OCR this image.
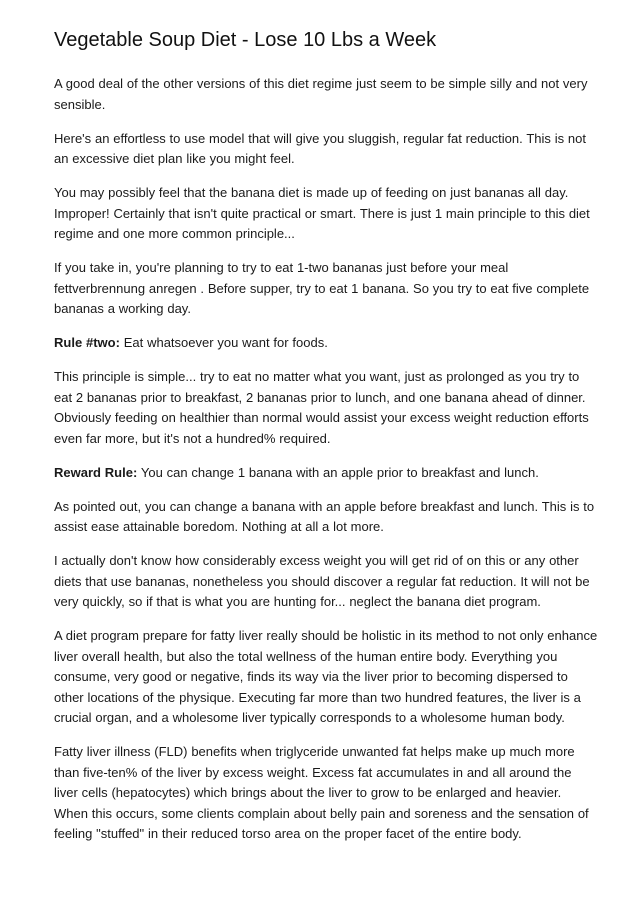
Vegetable Soup Diet - Lose 10 Lbs a Week

A good deal of the other versions of this diet regime just seem to be simple silly and not very sensible.

Here's an effortless to use model that will give you sluggish, regular fat reduction. This is not an excessive diet plan like you might feel.

You may possibly feel that the banana diet is made up of feeding on just bananas all day. Improper! Certainly that isn't quite practical or smart. There is just 1 main principle to this diet regime and one more common principle...

If you take in, you're planning to try to eat 1-two bananas just before your meal fettverbrennung anregen . Before supper, try to eat 1 banana. So you try to eat five complete bananas a working day.

Rule #two: Eat whatsoever you want for foods.

This principle is simple... try to eat no matter what you want, just as prolonged as you try to eat 2 bananas prior to breakfast, 2 bananas prior to lunch, and one banana ahead of dinner. Obviously feeding on healthier than normal would assist your excess weight reduction efforts even far more, but it's not a hundred% required.

Reward Rule: You can change 1 banana with an apple prior to breakfast and lunch.

As pointed out, you can change a banana with an apple before breakfast and lunch. This is to assist ease attainable boredom. Nothing at all a lot more.

I actually don't know how considerably excess weight you will get rid of on this or any other diets that use bananas, nonetheless you should discover a regular fat reduction. It will not be very quickly, so if that is what you are hunting for... neglect the banana diet program.

A diet program prepare for fatty liver really should be holistic in its method to not only enhance liver overall health, but also the total wellness of the human entire body. Everything you consume, very good or negative, finds its way via the liver prior to becoming dispersed to other locations of the physique. Executing far more than two hundred features, the liver is a crucial organ, and a wholesome liver typically corresponds to a wholesome human body.

Fatty liver illness (FLD) benefits when triglyceride unwanted fat helps make up much more than five-ten% of the liver by excess weight. Excess fat accumulates in and all around the liver cells (hepatocytes) which brings about the liver to grow to be enlarged and heavier. When this occurs, some clients complain about belly pain and soreness and the sensation of feeling "stuffed" in their reduced torso area on the proper facet of the entire body.
